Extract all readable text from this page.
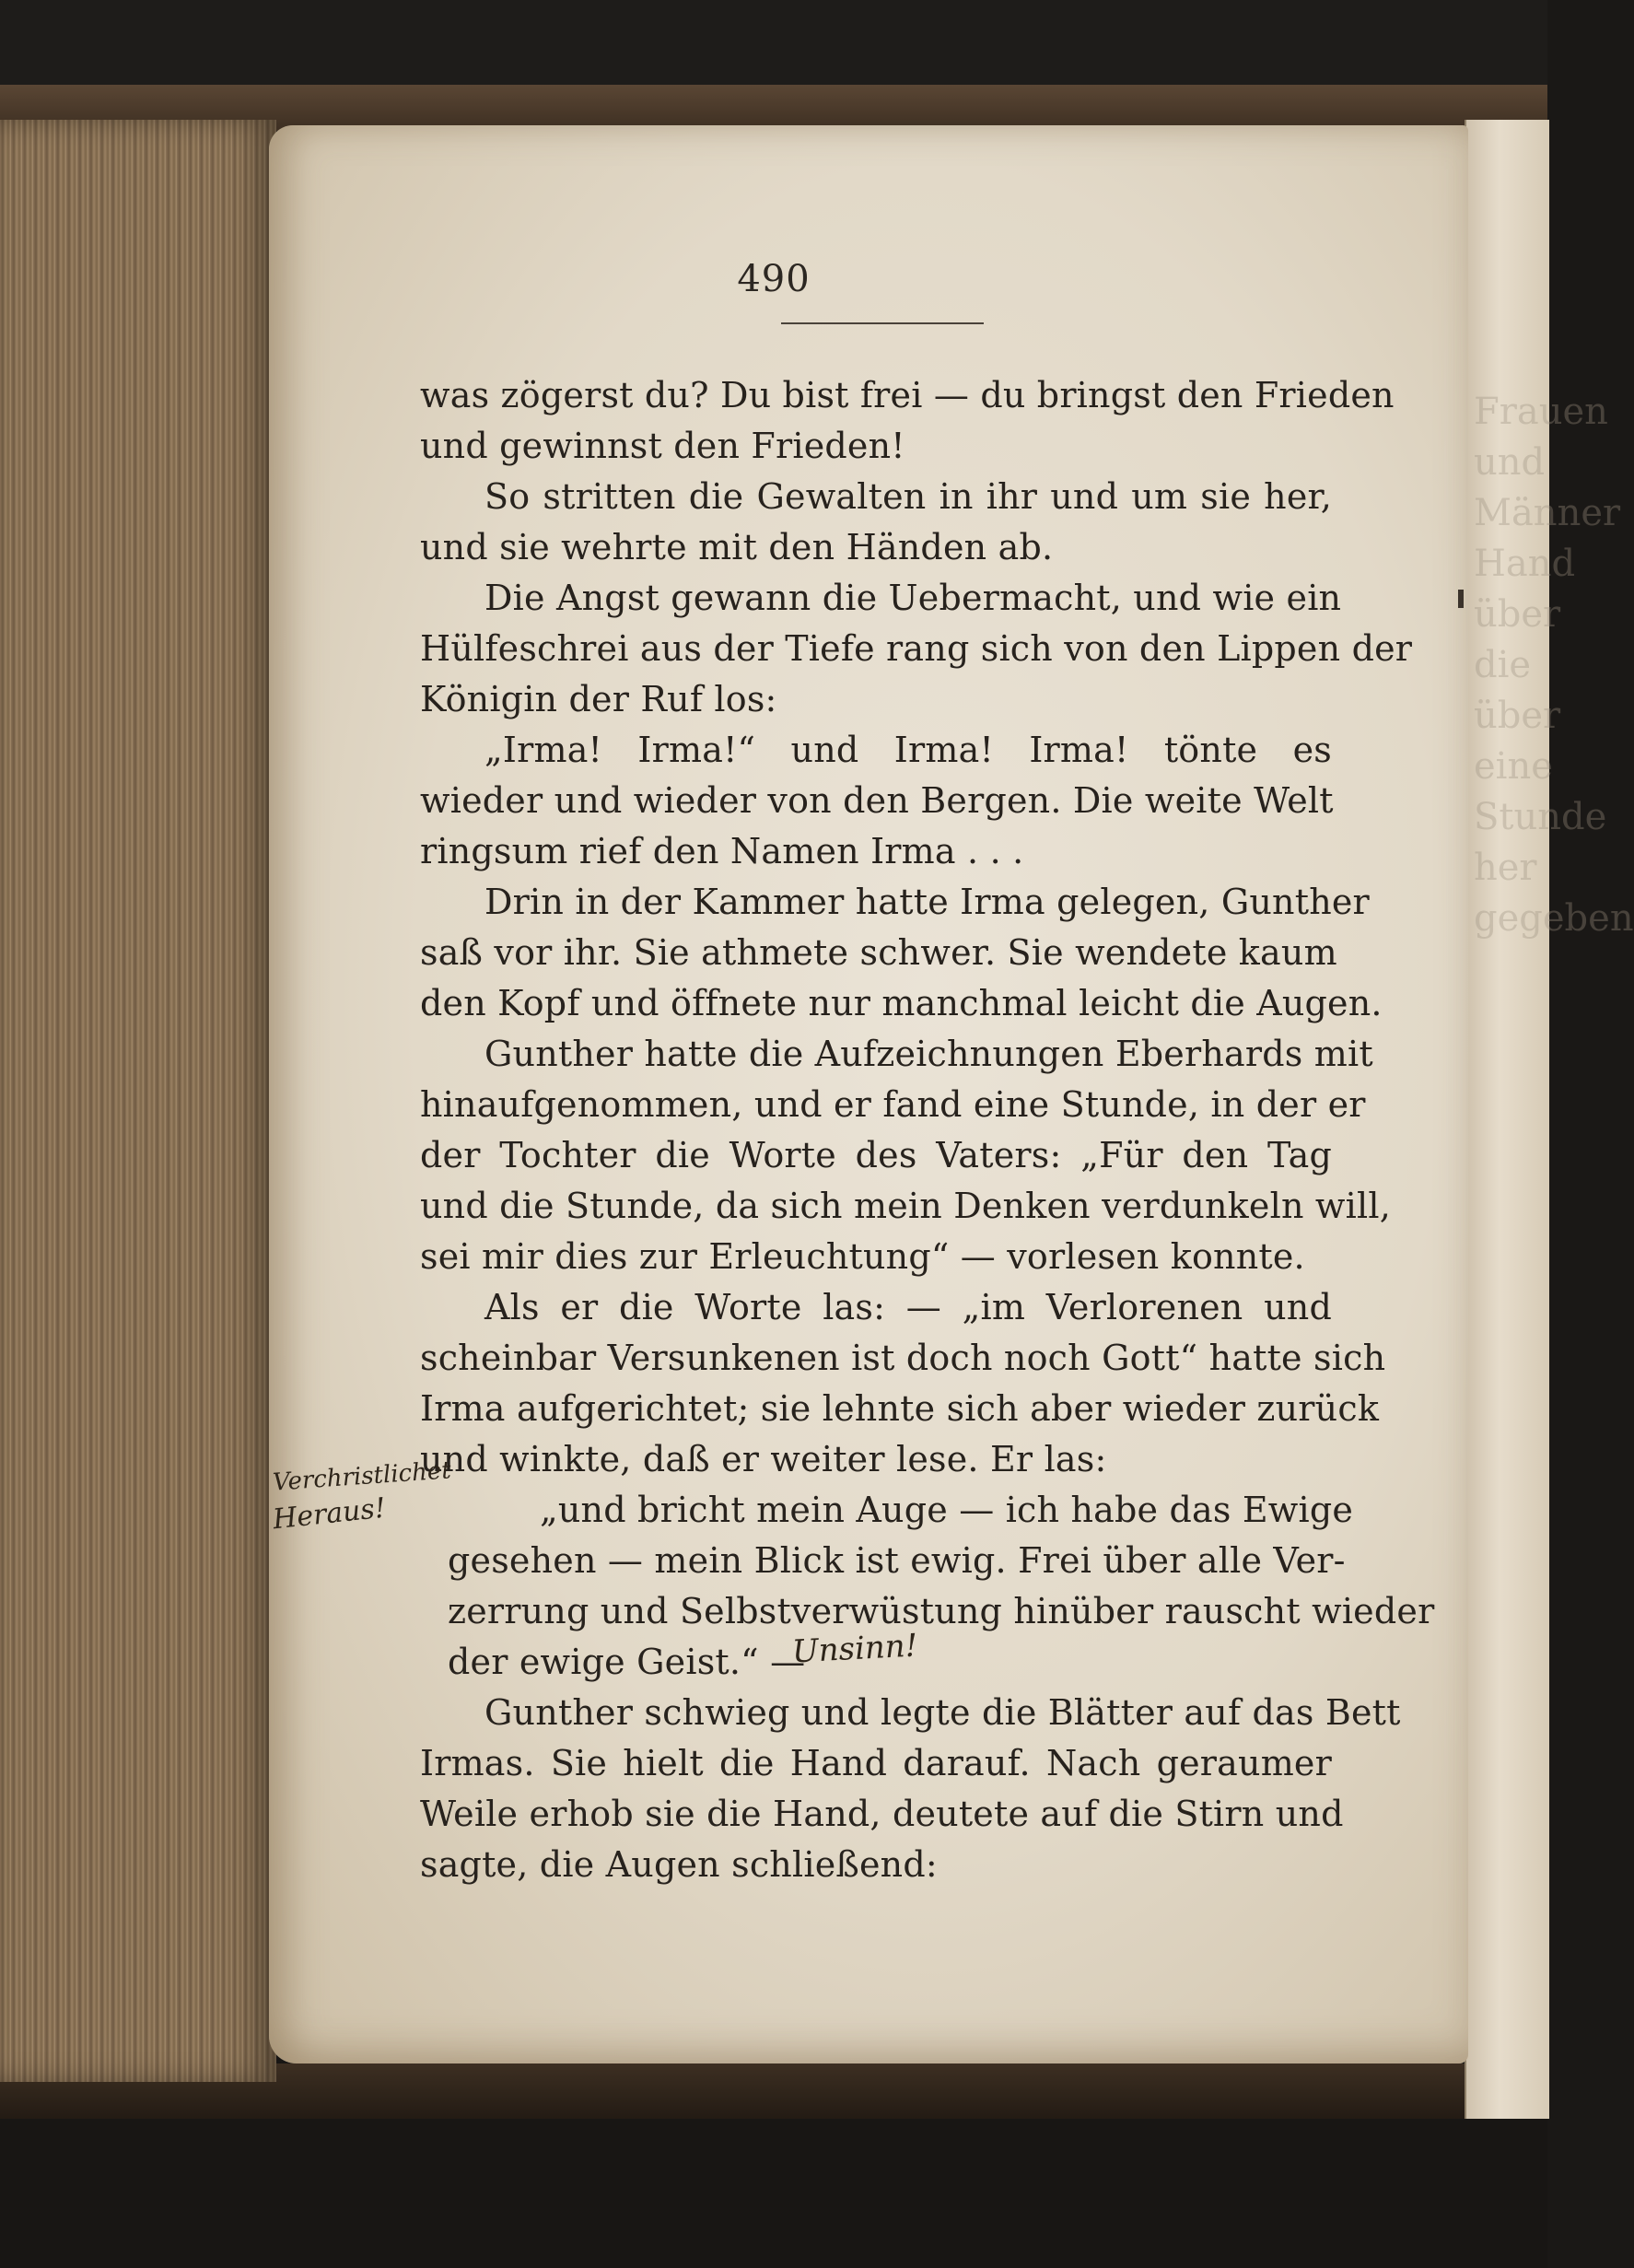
Frauen und Männer
Hand über die
über eine Stunde
her gegeben
490
was zögerst du? Du bist frei — du bringst den Frieden
und gewinnst den Frieden!
So stritten die Gewalten in ihr und um sie her,
und sie wehrte mit den Händen ab.
Die Angst gewann die Uebermacht, und wie ein
Hülfeschrei aus der Tiefe rang sich von den Lippen der
Königin der Ruf los:
„Irma! Irma!“ und Irma! Irma! tönte es
wieder und wieder von den Bergen. Die weite Welt
ringsum rief den Namen Irma . . .
Drin in der Kammer hatte Irma gelegen, Gunther
saß vor ihr. Sie athmete schwer. Sie wendete kaum
den Kopf und öffnete nur manchmal leicht die Augen.
Gunther hatte die Aufzeichnungen Eberhards mit
hinaufgenommen, und er fand eine Stunde, in der er
der Tochter die Worte des Vaters: „Für den Tag
und die Stunde, da sich mein Denken verdunkeln will,
sei mir dies zur Erleuchtung“ — vorlesen konnte.
Als er die Worte las: — „im Verlorenen und
scheinbar Versunkenen ist doch noch Gott“ hatte sich
Irma aufgerichtet; sie lehnte sich aber wieder zurück
und winkte, daß er weiter lese. Er las:
„und bricht mein Auge — ich habe das Ewige
gesehen — mein Blick ist ewig. Frei über alle Ver-
zerrung und Selbstverwüstung hinüber rauscht wieder
der ewige Geist.“ —
Gunther schwieg und legte die Blätter auf das Bett
Irmas. Sie hielt die Hand darauf. Nach geraumer
Weile erhob sie die Hand, deutete auf die Stirn und
sagte, die Augen schließend:
Verchristlichet
Heraus!
Unsinn!
